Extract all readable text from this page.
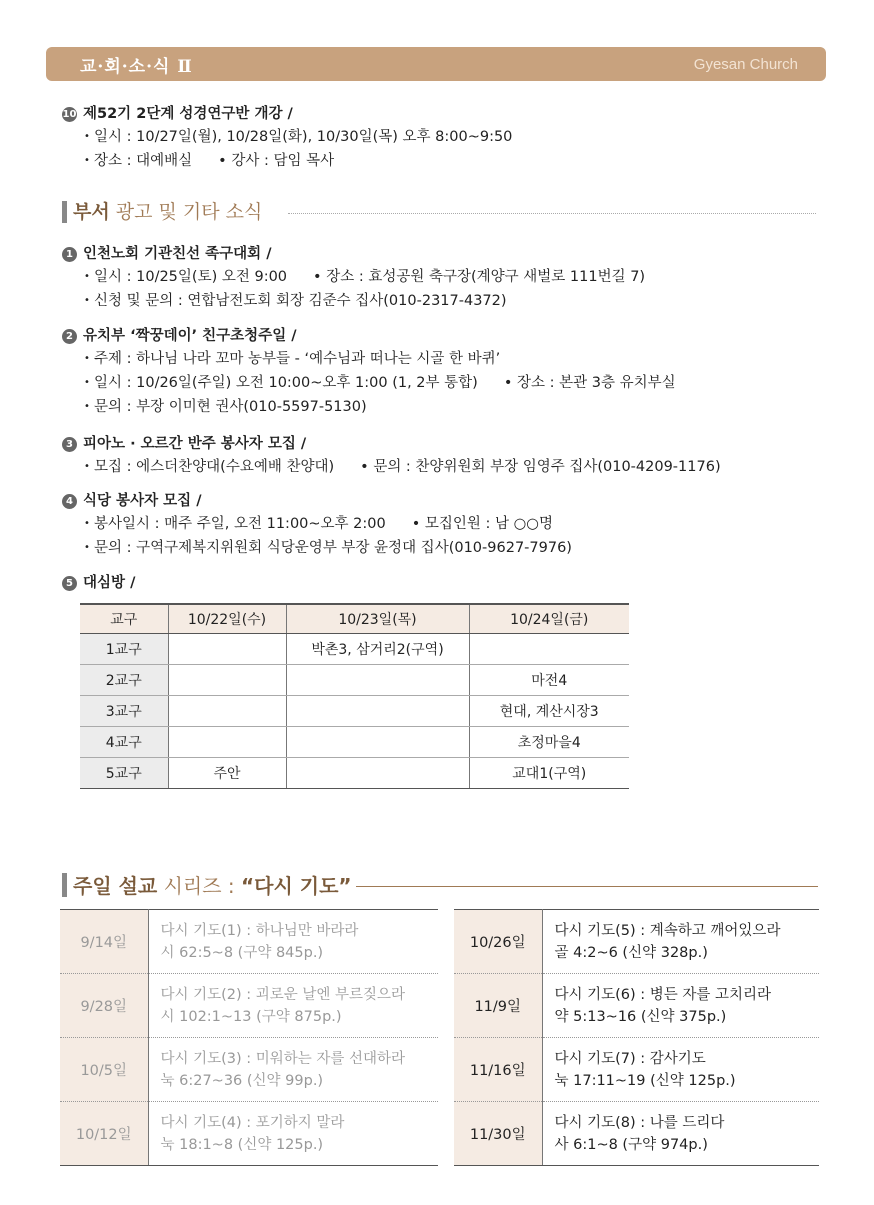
교·회·소·식 Ⅱ	Gyesan Church
10 제52기 2단계 성경연구반 개강 /
• 일시 : 10/27일(월), 10/28일(화), 10/30일(목) 오후 8:00~9:50
• 장소 : 대예배실 • 강사 : 담임 목사
부서 광고 및 기타 소식
1 인천노회 기관친선 족구대회 /
• 일시 : 10/25일(토) 오전 9:00 • 장소 : 효성공원 축구장(계양구 새벌로 111번길 7)
• 신청 및 문의 : 연합남전도회 회장 김준수 집사(010-2317-4372)
2 유치부 ‘짝꿍데이’ 친구초청주일 /
• 주제 : 하나님 나라 꼬마 농부들 - ‘예수님과 떠나는 시골 한 바퀴’
• 일시 : 10/26일(주일) 오전 10:00~오후 1:00 (1, 2부 통합) • 장소 : 본관 3층 유치부실
• 문의 : 부장 이미현 권사(010-5597-5130)
3 피아노 · 오르간 반주 봉사자 모집 /
• 모집 : 에스더찬양대(수요예배 찬양대) • 문의 : 찬양위원회 부장 임영주 집사(010-4209-1176)
4 식당 봉사자 모집 /
• 봉사일시 : 매주 주일, 오전 11:00~오후 2:00 • 모집인원 : 남 ○○명
• 문의 : 구역구제복지위원회 식당운영부 부장 윤정대 집사(010-9627-7976)
5 대심방 /
교구	10/22일(수)	10/23일(목)	10/24일(금)
1교구		박촌3, 삼거리2(구역)	
2교구			마전4
3교구			현대, 계산시장3
4교구			초정마을4
5교구	주안		교대1(구역)
주일 설교 시리즈 : “다시 기도”
9/14일	다시 기도(1) : 하나님만 바라라
시 62:5~8 (구약 845p.)

9/28일	다시 기도(2) : 괴로운 날엔 부르짖으라
시 102:1~13 (구약 875p.)

10/5일	다시 기도(3) : 미워하는 자를 선대하라
눅 6:27~36 (신약 99p.)

10/12일	다시 기도(4) : 포기하지 말라
눅 18:1~8 (신약 125p.)
10/26일	다시 기도(5) : 계속하고 깨어있으라
골 4:2~6 (신약 328p.)

11/9일	다시 기도(6) : 병든 자를 고치리라
약 5:13~16 (신약 375p.)

11/16일	다시 기도(7) : 감사기도
눅 17:11~19 (신약 125p.)

11/30일	다시 기도(8) : 나를 드리다
사 6:1~8 (구약 974p.)
